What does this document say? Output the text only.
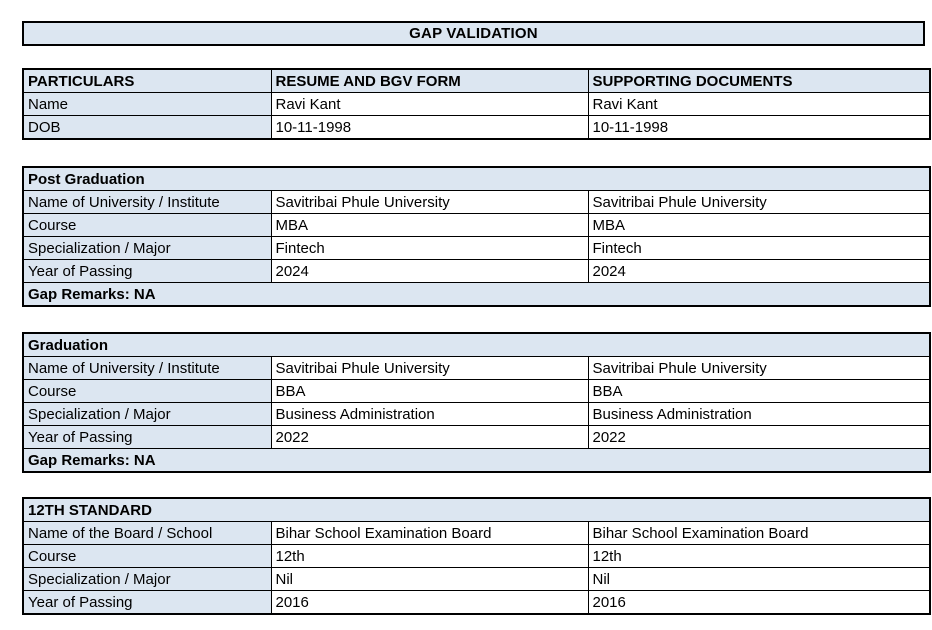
GAP VALIDATION
PARTICULARS	RESUME AND BGV FORM	SUPPORTING DOCUMENTS
Name	Ravi Kant	Ravi Kant
DOB	10-11-1998	10-11-1998
Post Graduation		
Name of University / Institute	Savitribai Phule University	Savitribai Phule University
Course	MBA	MBA
Specialization / Major	Fintech	Fintech
Year of Passing	2024	2024
Gap Remarks: NA		
Graduation		
Name of University / Institute	Savitribai Phule University	Savitribai Phule University
Course	BBA	BBA
Specialization / Major	Business Administration	Business Administration
Year of Passing	2022	2022
Gap Remarks: NA		
12TH STANDARD		
Name of the Board / School	Bihar School Examination Board	Bihar School Examination Board
Course	12th	12th
Specialization / Major	Nil	Nil
Year of Passing	2016	2016
